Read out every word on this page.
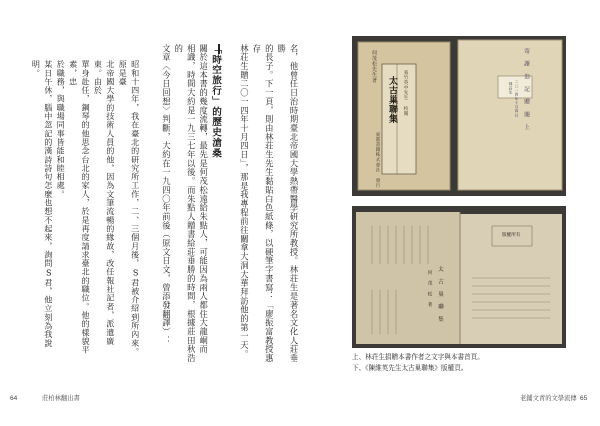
名，他曾任日治時期臺北帝國大學熱帶醫學研究所教授。林荘生是著名文化人莊垂勝

的長子。下一頁，則由林荘生先生黏貼白色紙條，以硬筆字書寫：「廖振富教授惠存

林荘生贈二〇一四年十月四日」，那是我專程前往關拿大洞大華拜訪他的第一天。

「時空旅行」的歷史滄桑

關於這本書的幾度流轉，最先是何茂松遠給朱點人，可能因為兩人都住大龍峒而

相識，時間大約是一九三七年以後。而朱點人贈書給莊垂勝的時間，根據莊田秋浩的

文章〈今日回想〉判斷，大約在一九四〇年前後（原文日文，曾添發翻譯）：

昭和十四年，我在臺北的研究所工作，二、三個月後，S君被介紹到所內來。原是臺

北帝國大學的技術人員的他，因為文筆流暢的緣故，改任報社記者，派遣廣東。由於

單身赴任，鋼琴的他思念台北的家人，於是再度請求臺北的職位。他的樣貌平素，忠

於職務，與職場同事皆能和睦相處。

某日午休，腦中忽記的漢詩詩句怎麼也想不起來，詢問S君，他立刻為我說明。

64	莊柏林翻出書
何茂松先生著
張竹英中先生 校閱
太古巢聯集
東都書籍株式會社 發行
寄 謝 翁 記 贈 閱 上
二〇一四年十月四日
林荘生
太 古 巢 聯 集
何 茂 松 著
版權所有
上、林荘生捐贈本書作者之文字與本書首頁。
下、《陳維英先生太古巢聯集》版權頁。
老鋪文青的文學流傳 65
